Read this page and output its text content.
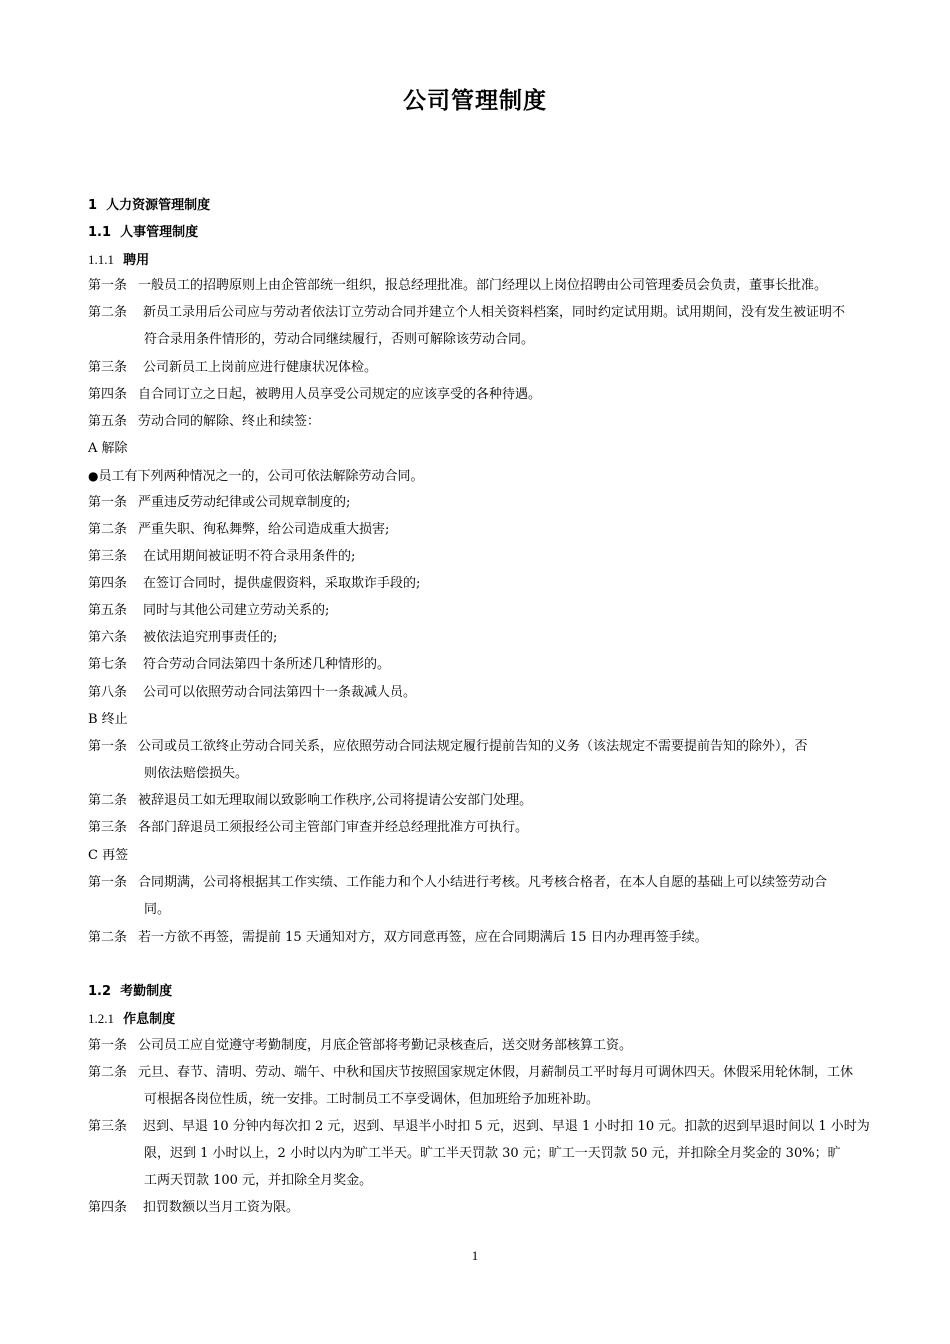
公司管理制度
1 人力资源管理制度
1.1 人事管理制度
1.1.1 聘用
第一条 一般员工的招聘原则上由企管部统一组织，报总经理批准。部门经理以上岗位招聘由公司管理委员会负责，董事长批准。
第二条 新员工录用后公司应与劳动者依法订立劳动合同并建立个人相关资料档案，同时约定试用期。试用期间，没有发生被证明不
符合录用条件情形的，劳动合同继续履行，否则可解除该劳动合同。
第三条 公司新员工上岗前应进行健康状况体检。
第四条 自合同订立之日起，被聘用人员享受公司规定的应该享受的各种待遇。
第五条 劳动合同的解除、终止和续签：
A 解除
●员工有下列两种情况之一的，公司可依法解除劳动合同。
第一条 严重违反劳动纪律或公司规章制度的;
第二条 严重失职、徇私舞弊，给公司造成重大损害;
第三条 在试用期间被证明不符合录用条件的;
第四条 在签订合同时，提供虚假资料，采取欺诈手段的;
第五条 同时与其他公司建立劳动关系的;
第六条 被依法追究刑事责任的;
第七条 符合劳动合同法第四十条所述几种情形的。
第八条 公司可以依照劳动合同法第四十一条裁减人员。
B 终止
第一条 公司或员工欲终止劳动合同关系，应依照劳动合同法规定履行提前告知的义务（该法规定不需要提前告知的除外），否
则依法赔偿损失。
第二条 被辞退员工如无理取闹以致影响工作秩序,公司将提请公安部门处理。
第三条 各部门辞退员工须报经公司主管部门审查并经总经理批准方可执行。
C 再签
第一条 合同期满，公司将根据其工作实绩、工作能力和个人小结进行考核。凡考核合格者，在本人自愿的基础上可以续签劳动合
同。
第二条 若一方欲不再签，需提前 15 天通知对方，双方同意再签，应在合同期满后 15 日内办理再签手续。
1.2 考勤制度
1.2.1 作息制度
第一条 公司员工应自觉遵守考勤制度，月底企管部将考勤记录核查后，送交财务部核算工资。
第二条 元旦、春节、清明、劳动、端午、中秋和国庆节按照国家规定休假，月薪制员工平时每月可调休四天。休假采用轮休制，工休
可根据各岗位性质，统一安排。工时制员工不享受调休，但加班给予加班补助。
第三条 迟到、早退 10 分钟内每次扣 2 元，迟到、早退半小时扣 5 元，迟到、早退 1 小时扣 10 元。扣款的迟到早退时间以 1 小时为
限，迟到 1 小时以上，2 小时以内为旷工半天。旷工半天罚款 30 元；旷工一天罚款 50 元，并扣除全月奖金的 30%；旷
工两天罚款 100 元，并扣除全月奖金。
第四条 扣罚数额以当月工资为限。
1
